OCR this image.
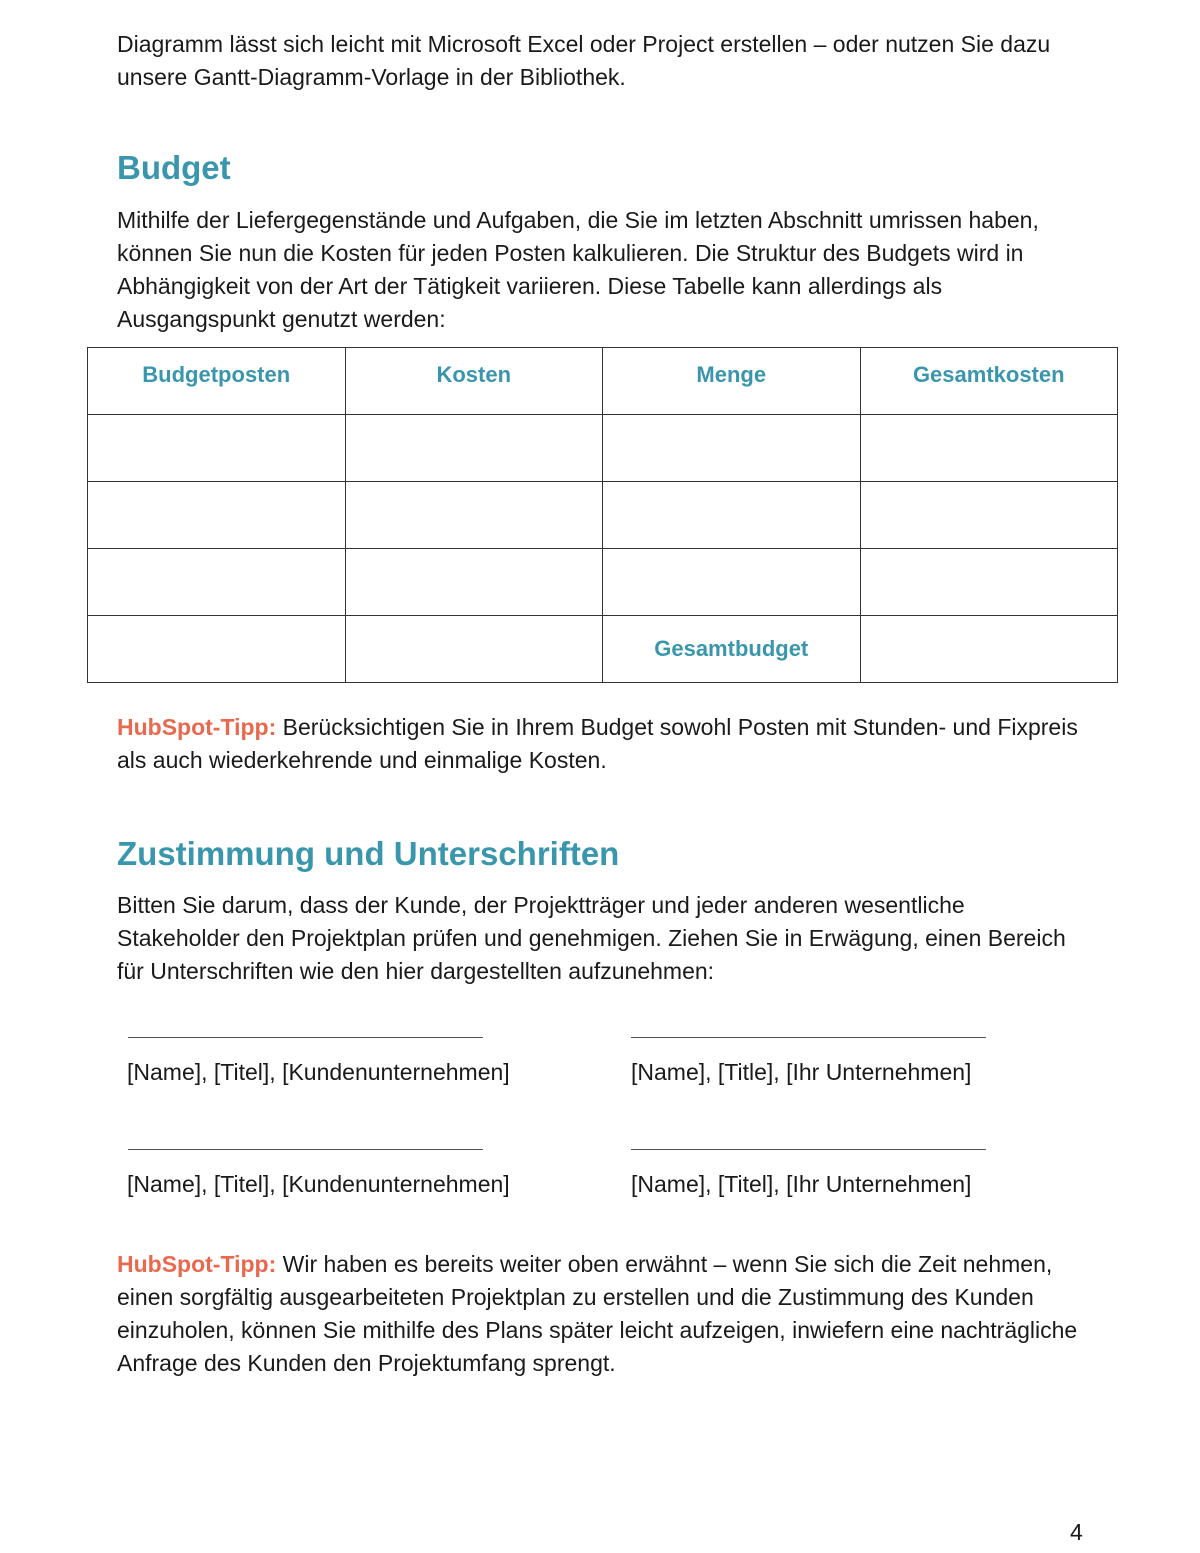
Diagramm lässt sich leicht mit Microsoft Excel oder Project erstellen – oder nutzen Sie dazu unsere Gantt-Diagramm-Vorlage in der Bibliothek.

Budget

Mithilfe der Liefergegenstände und Aufgaben, die Sie im letzten Abschnitt umrissen haben, können Sie nun die Kosten für jeden Posten kalkulieren. Die Struktur des Budgets wird in Abhängigkeit von der Art der Tätigkeit variieren. Diese Tabelle kann allerdings als Ausgangspunkt genutzt werden:

Budgetposten	Kosten	Menge	Gesamtkosten

		Gesamtbudget	

HubSpot-Tipp: Berücksichtigen Sie in Ihrem Budget sowohl Posten mit Stunden- und Fixpreis als auch wiederkehrende und einmalige Kosten.

Zustimmung und Unterschriften

Bitten Sie darum, dass der Kunde, der Projektträger und jeder anderen wesentliche Stakeholder den Projektplan prüfen und genehmigen. Ziehen Sie in Erwägung, einen Bereich für Unterschriften wie den hier dargestellten aufzunehmen:

[Name], [Titel], [Kundenunternehmen]	[Name], [Title], [Ihr Unternehmen]
[Name], [Titel], [Kundenunternehmen]	[Name], [Titel], [Ihr Unternehmen]

HubSpot-Tipp: Wir haben es bereits weiter oben erwähnt – wenn Sie sich die Zeit nehmen, einen sorgfältig ausgearbeiteten Projektplan zu erstellen und die Zustimmung des Kunden einzuholen, können Sie mithilfe des Plans später leicht aufzeigen, inwiefern eine nachträgliche Anfrage des Kunden den Projektumfang sprengt.

4
